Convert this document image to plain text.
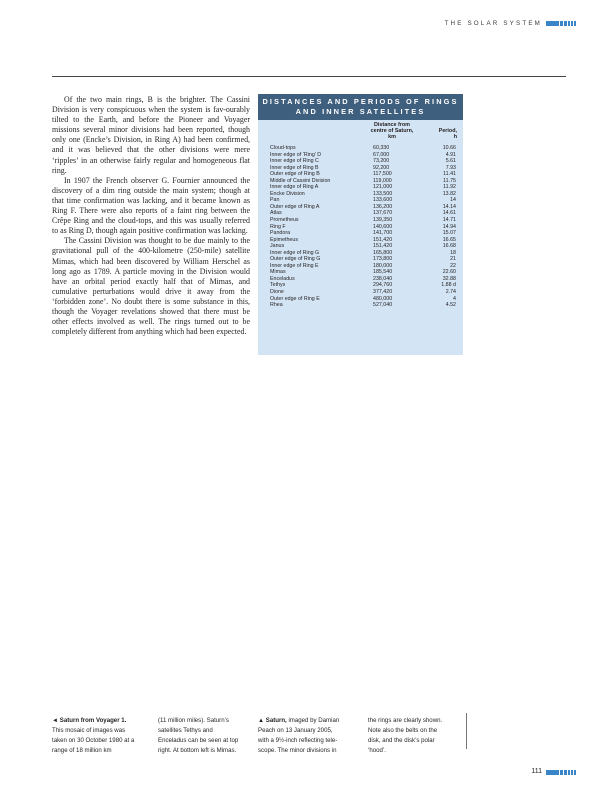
THE SOLAR SYSTEM

Of the two main rings, B is the brighter. The Cassini Division is very conspicuous when the system is fav-ourably tilted to the Earth, and before the Pioneer and Voyager missions several minor divisions had been reported, though only one (Encke’s Division, in Ring A) had been confirmed, and it was believed that the other divisions were mere ‘ripples’ in an otherwise fairly regular and homogeneous flat ring.

In 1907 the French observer G. Fournier announced the discovery of a dim ring outside the main system; though at that time confirmation was lacking, and it became known as Ring F. There were also reports of a faint ring between the Crêpe Ring and the cloud-tops, and this was usually referred to as Ring D, though again positive confirmation was lacking.

The Cassini Division was thought to be due mainly to the gravitational pull of the 400-kilometre (250-mile) satellite Mimas, which had been discovered by William Herschel as long ago as 1789. A particle moving in the Division would have an orbital period exactly half that of Mimas, and cumulative perturbations would drive it away from the ‘forbidden zone’. No doubt there is some substance in this, though the Voyager revelations showed that there must be other effects involved as well. The rings turned out to be completely different from anything which had been expected.

DISTANCES AND PERIODS OF RINGS
AND INNER SATELLITES
Distance from
centre of Saturn,
km
Period,
h
Cloud-tops	60,330	10.66
Inner edge of ‘Ring’ D	67,000	4.91
Inner edge of Ring C	73,200	5.61
Inner edge of Ring B	92,200	7.93
Outer edge of Ring B	117,500	11.41
Middle of Cassini Division	119,000	11.75
Inner edge of Ring A	121,000	11.92
Encke Division	133,500	13.82
Pan	133,600	14
Outer edge of Ring A	136,200	14.14
Atlas	137,670	14.61
Prometheus	139,350	14.71
Ring F	140,600	14.94
Pandora	141,700	15.07
Epimetheus	151,420	16.65
Janus	151,420	16.68
Inner edge of Ring G	165,800	18
Outer edge of Ring G	173,800	21
Inner edge of Ring E	180,000	22
Mimas	185,540	22.60
Enceladus	238,040	32.88
Tethys	294,760	1.88 d
Dione	377,420	2.74
Outer edge of Ring E	480,000	4
Rhea	527,040	4.52
◄ Saturn from Voyager 1.
This mosaic of images was
taken on 30 October 1980 at a
range of 18 million km
(11 million miles). Saturn’s
satellites Tethys and
Enceladus can be seen at top
right. At bottom left is Mimas.
▲ Saturn, imaged by Damian
Peach on 13 January 2005,
with a 9½-inch reflecting tele-
scope. The minor divisions in
the rings are clearly shown.
Note also the belts on the
disk, and the disk’s polar
‘hood’.
111
